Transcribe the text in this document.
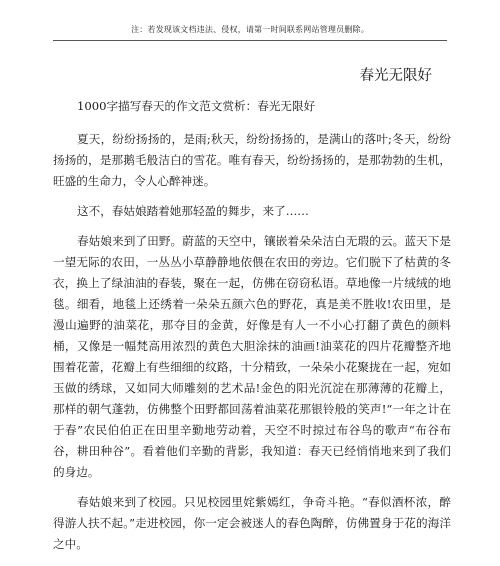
注：若发现该文档违法、侵权，请第一时间联系网站管理员删除。
春光无限好

1000字描写春天的作文范文赏析：春光无限好

夏天，纷纷扬扬的，是雨;秋天，纷纷扬扬的，是满山的落叶;冬天，纷纷扬扬的，是那鹅毛般洁白的雪花。唯有春天，纷纷扬扬的，是那勃勃的生机，旺盛的生命力，令人心醉神迷。

这不，春姑娘踏着她那轻盈的舞步，来了……

春姑娘来到了田野。蔚蓝的天空中，镶嵌着朵朵洁白无瑕的云。蓝天下是一望无际的农田，一丛丛小草静静地依偎在农田的旁边。它们脱下了枯黄的冬衣，换上了绿油油的春装，聚在一起，仿佛在窃窃私语。草地像一片绒绒的地毯。细看，地毯上还绣着一朵朵五颜六色的野花，真是美不胜收!农田里，是漫山遍野的油菜花，那夺目的金黄，好像是有人一不小心打翻了黄色的颜料桶，又像是一幅梵高用浓烈的黄色大胆涂抹的油画!油菜花的四片花瓣整齐地围着花蕾，花瓣上有些细细的纹路，十分精致，一朵朵小花聚拢在一起，宛如玉做的绣球，又如同大师雕刻的艺术品!金色的阳光沉淀在那薄薄的花瓣上，那样的朝气蓬勃，仿佛整个田野都回荡着油菜花那银铃般的笑声!“一年之计在于春”农民伯伯正在田里辛勤地劳动着，天空不时掠过布谷鸟的歌声“布谷布谷，耕田种谷”。看着他们辛勤的背影，我知道：春天已经悄悄地来到了我们的身边。

春姑娘来到了校园。只见校园里姹紫嫣红，争奇斗艳。“春似酒杯浓，醉得游人扶不起。”走进校园，你一定会被迷人的春色陶醉，仿佛置身于花的海洋之中。
